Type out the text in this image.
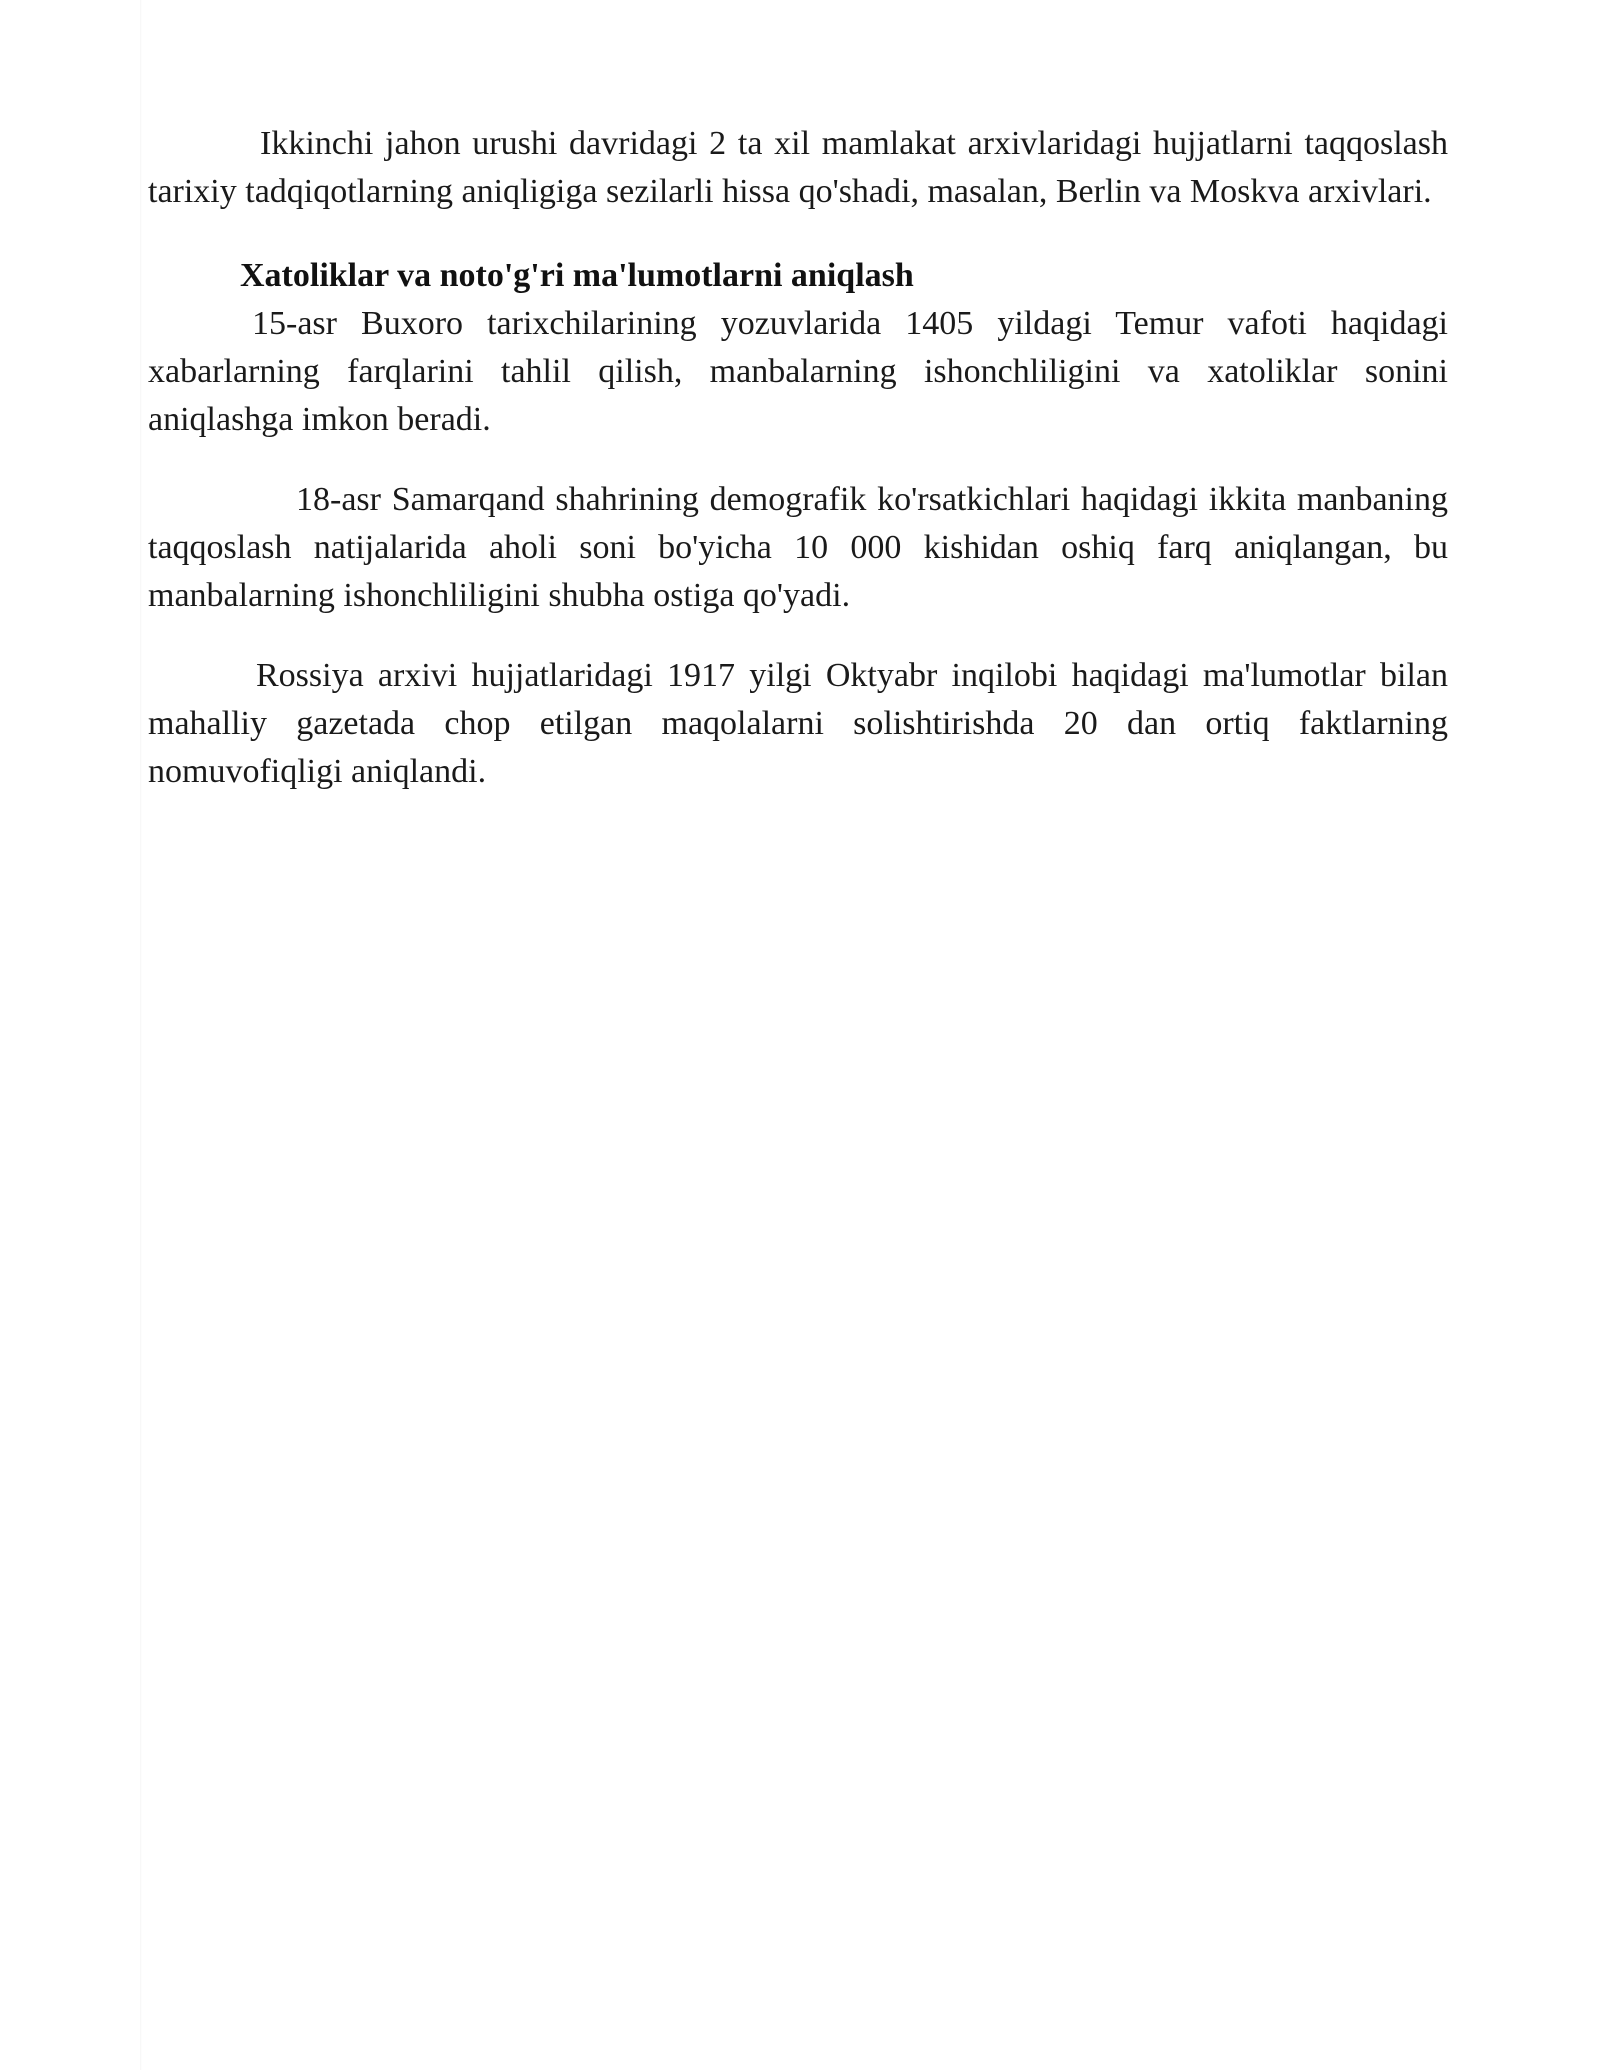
Ikkinchi jahon urushi davridagi 2 ta xil mamlakat arxivlaridagi hujjatlarni taqqoslash tarixiy tadqiqotlarning aniqligiga sezilarli hissa qo'shadi, masalan, Berlin va Moskva arxivlari.

Xatoliklar va noto'g'ri ma'lumotlarni aniqlash

15-asr Buxoro tarixchilarining yozuvlarida 1405 yildagi Temur vafoti haqidagi xabarlarning farqlarini tahlil qilish, manbalarning ishonchliligini va xatoliklar sonini aniqlashga imkon beradi.

18-asr Samarqand shahrining demografik ko'rsatkichlari haqidagi ikkita manbaning taqqoslash natijalarida aholi soni bo'yicha 10 000 kishidan oshiq farq aniqlangan, bu manbalarning ishonchliligini shubha ostiga qo'yadi.

Rossiya arxivi hujjatlaridagi 1917 yilgi Oktyabr inqilobi haqidagi ma'lumotlar bilan mahalliy gazetada chop etilgan maqolalarni solishtirishda 20 dan ortiq faktlarning nomuvofiqligi aniqlandi.
